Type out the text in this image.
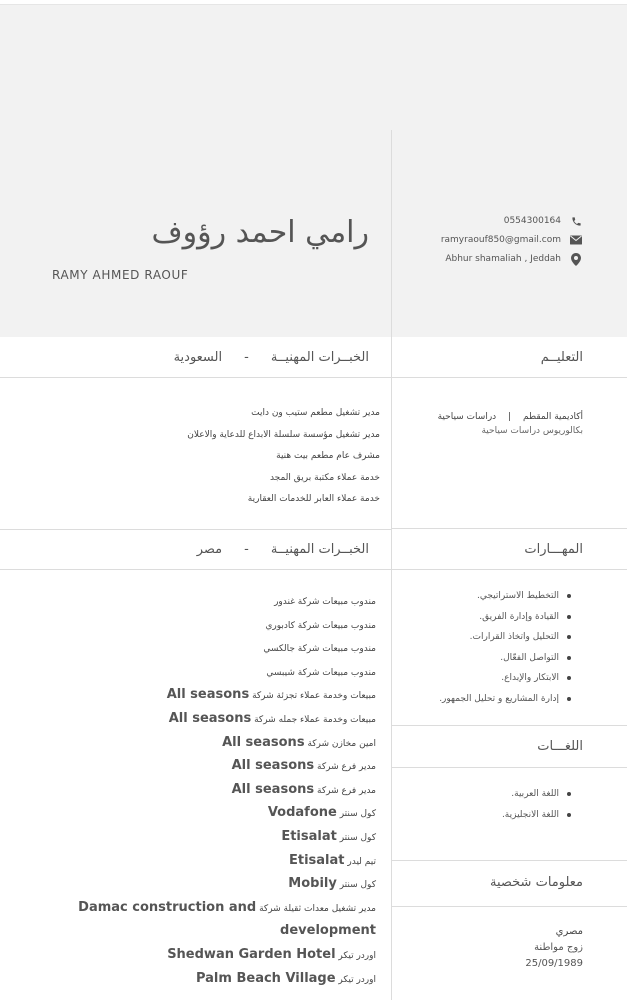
رامي احمد رؤوف
RAMY AHMED RAOUF
0554300164
ramyraouf850@gmail.com
Abhur shamaliah , Jeddah
الخبــرات المهنيــة
-
السعودية	التعليــم
مدير تشغيل مطعم ستيب ون دايت
مدير تشغيل مؤسسة سلسلة الابداع للدعاية والاعلان
مشرف عام مطعم بيت هنية
خدمة عملاء مكتبة بريق المجد
خدمة عملاء العابر للخدمات العقارية
أكاديمية المقطم | دراسات سياحية
بكالوريوس دراسات سياحية
الخبــرات المهنيــة
-
مصر	المهـــارات
مندوب مبيعات شركة غندور
مندوب مبيعات شركة كادبوري
مندوب مبيعات شركة جالكسي
مندوب مبيعات شركة شيبسي
مبيعات وخدمة عملاء تجزئة شركة All seasons
مبيعات وخدمة عملاء جمله شركة All seasons
امين مخازن شركة All seasons
مدير فرع شركة All seasons
مدير فرع شركة All seasons
كول سنتر Vodafone
كول سنتر Etisalat
تيم ليدر Etisalat
كول سنتر Mobily
مدير تشغيل معدات ثقيلة شركة Damac construction and
development
اوردر تيكر Shedwan Garden Hotel
اوردر تيكر Palm Beach Village
التخطيط الاستراتيجي.
القيادة وإدارة الفريق.
التحليل واتخاذ القرارات.
التواصل الفعّال.
الابتكار والإبداع.
إدارة المشاريع و تحليل الجمهور.
اللغـــات
اللغة العربية.
اللغة الانجليزية.
معلومات شخصية
مصري
زوج مواطنة
25/09/1989
